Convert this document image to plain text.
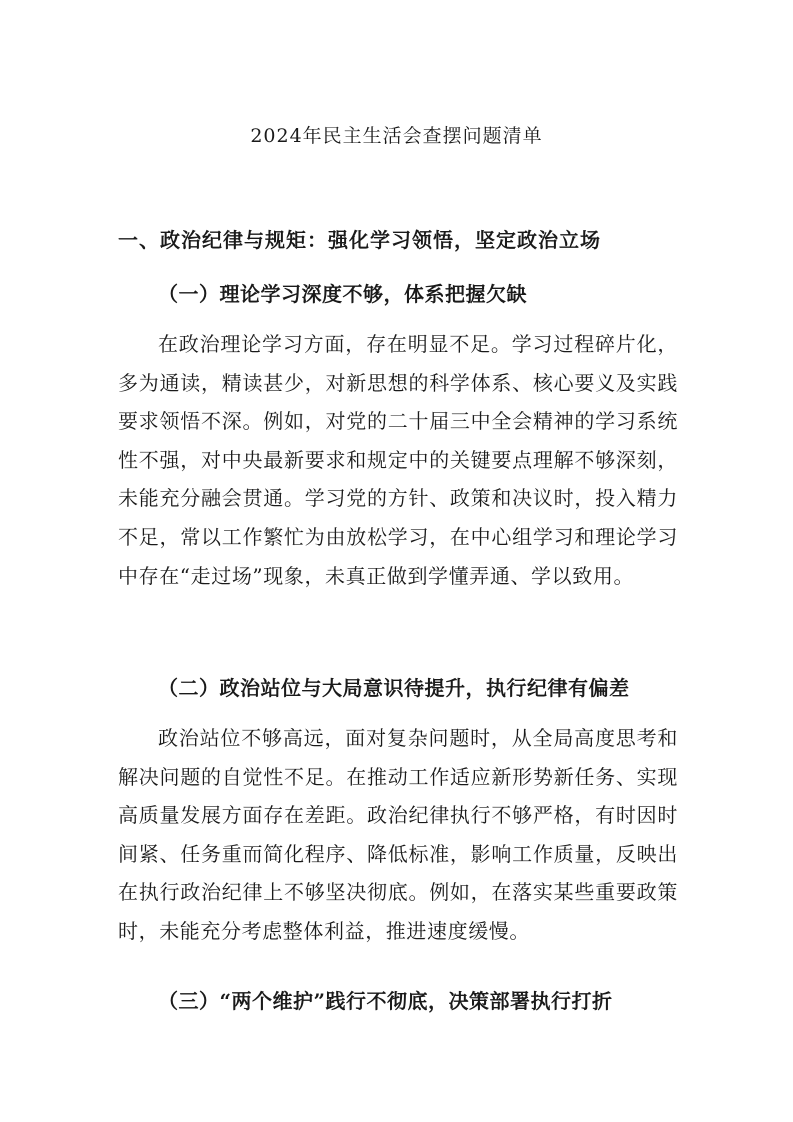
2024年民主生活会查摆问题清单
一、政治纪律与规矩：强化学习领悟，坚定政治立场
（一）理论学习深度不够，体系把握欠缺

在政治理论学习方面，存在明显不足。学习过程碎片化，多为通读，精读甚少，对新思想的科学体系、核心要义及实践要求领悟不深。例如，对党的二十届三中全会精神的学习系统性不强，对中央最新要求和规定中的关键要点理解不够深刻，未能充分融会贯通。学习党的方针、政策和决议时，投入精力不足，常以工作繁忙为由放松学习，在中心组学习和理论学习中存在“走过场”现象，未真正做到学懂弄通、学以致用。

（二）政治站位与大局意识待提升，执行纪律有偏差

政治站位不够高远，面对复杂问题时，从全局高度思考和解决问题的自觉性不足。在推动工作适应新形势新任务、实现高质量发展方面存在差距。政治纪律执行不够严格，有时因时间紧、任务重而简化程序、降低标准，影响工作质量，反映出在执行政治纪律上不够坚决彻底。例如，在落实某些重要政策时，未能充分考虑整体利益，推进速度缓慢。

（三）“两个维护”践行不彻底，决策部署执行打折
